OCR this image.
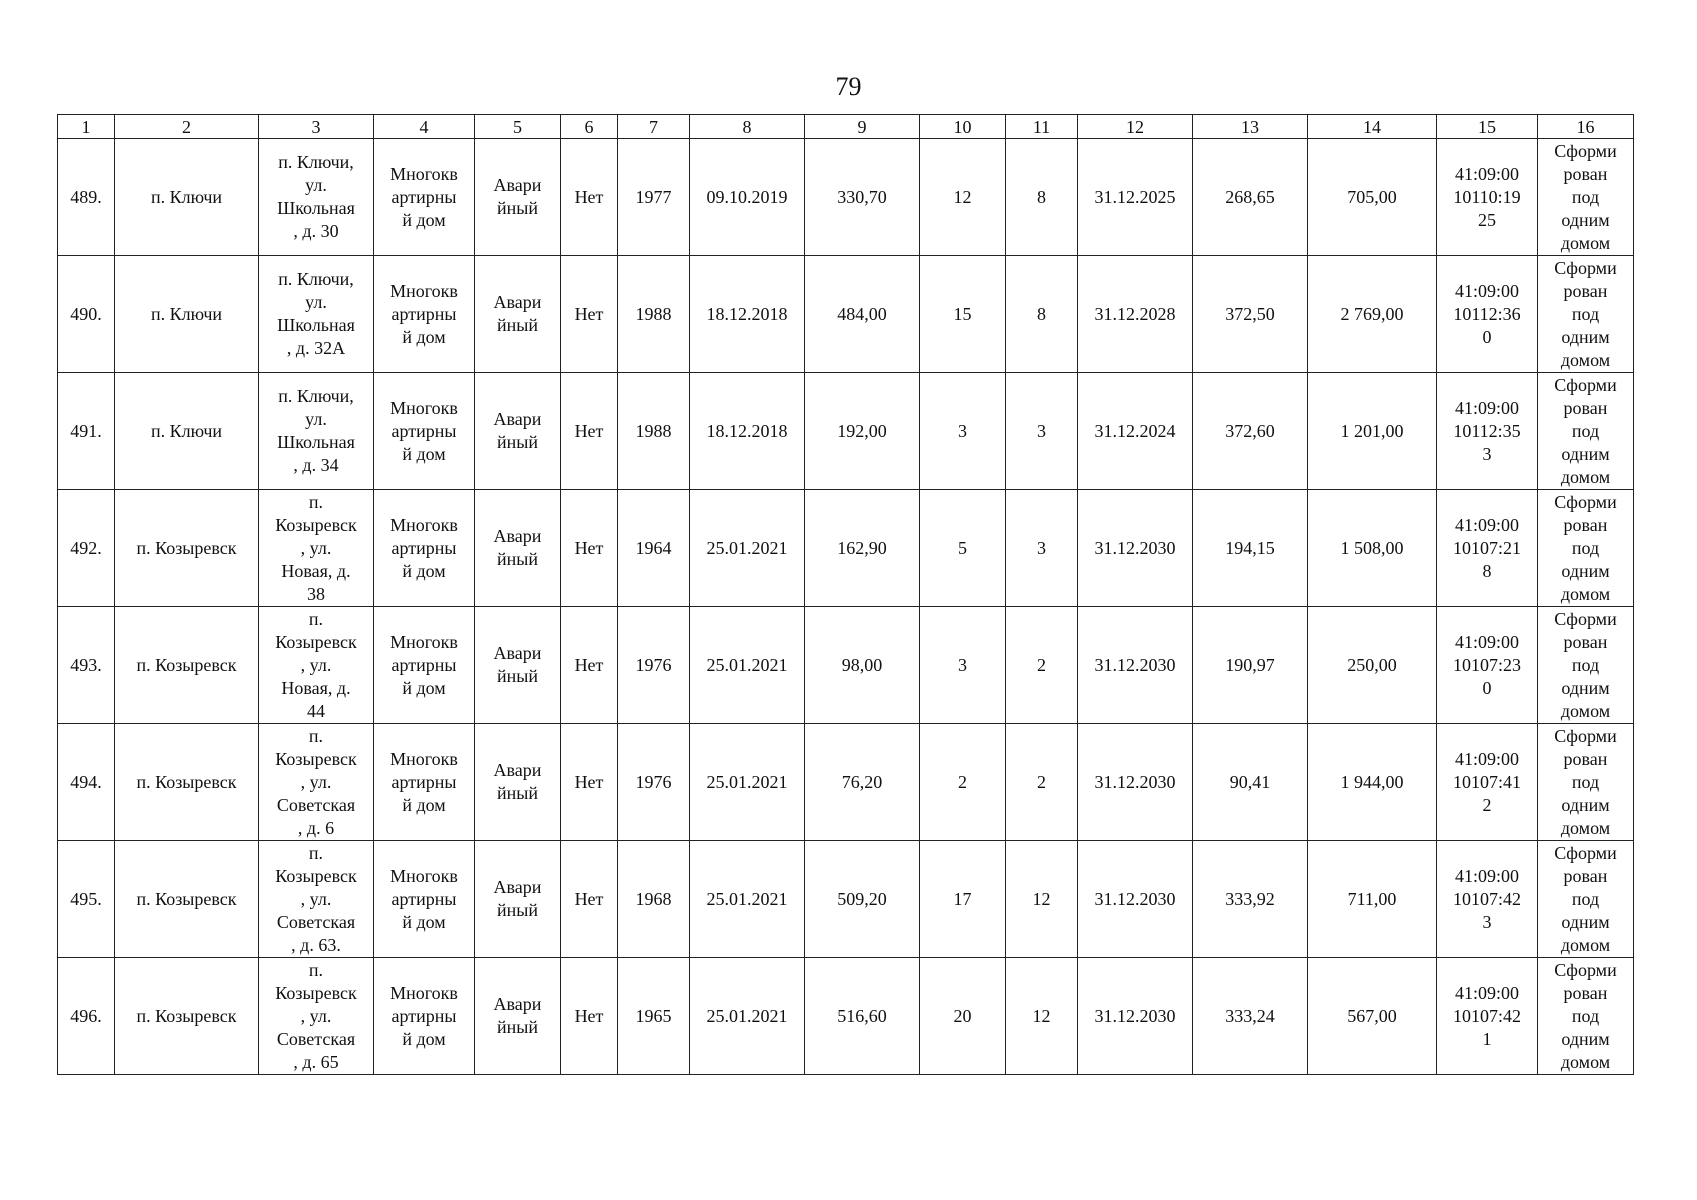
79
1	2	3	4	5	6	7	8	9	10	11	12	13	14	15	16
489.	п. Ключи	п. Ключи,
ул.
Школьная
, д. 30	Многокв
артирны
й дом	Авари
йный	Нет	1977	09.10.2019	330,70	12	8	31.12.2025	268,65	705,00	41:09:00
10110:19
25	Сформи
рован
под
одним
домом
490.	п. Ключи	п. Ключи,
ул.
Школьная
, д. 32А	Многокв
артирны
й дом	Авари
йный	Нет	1988	18.12.2018	484,00	15	8	31.12.2028	372,50	2 769,00	41:09:00
10112:36
0	Сформи
рован
под
одним
домом
491.	п. Ключи	п. Ключи,
ул.
Школьная
, д. 34	Многокв
артирны
й дом	Авари
йный	Нет	1988	18.12.2018	192,00	3	3	31.12.2024	372,60	1 201,00	41:09:00
10112:35
3	Сформи
рован
под
одним
домом
492.	п. Козыревск	п.
Козыревск
, ул.
Новая, д.
38	Многокв
артирны
й дом	Авари
йный	Нет	1964	25.01.2021	162,90	5	3	31.12.2030	194,15	1 508,00	41:09:00
10107:21
8	Сформи
рован
под
одним
домом
493.	п. Козыревск	п.
Козыревск
, ул.
Новая, д.
44	Многокв
артирны
й дом	Авари
йный	Нет	1976	25.01.2021	98,00	3	2	31.12.2030	190,97	250,00	41:09:00
10107:23
0	Сформи
рован
под
одним
домом
494.	п. Козыревск	п.
Козыревск
, ул.
Советская
, д. 6	Многокв
артирны
й дом	Авари
йный	Нет	1976	25.01.2021	76,20	2	2	31.12.2030	90,41	1 944,00	41:09:00
10107:41
2	Сформи
рован
под
одним
домом
495.	п. Козыревск	п.
Козыревск
, ул.
Советская
, д. 63.	Многокв
артирны
й дом	Авари
йный	Нет	1968	25.01.2021	509,20	17	12	31.12.2030	333,92	711,00	41:09:00
10107:42
3	Сформи
рован
под
одним
домом
496.	п. Козыревск	п.
Козыревск
, ул.
Советская
, д. 65	Многокв
артирны
й дом	Авари
йный	Нет	1965	25.01.2021	516,60	20	12	31.12.2030	333,24	567,00	41:09:00
10107:42
1	Сформи
рован
под
одним
домом
